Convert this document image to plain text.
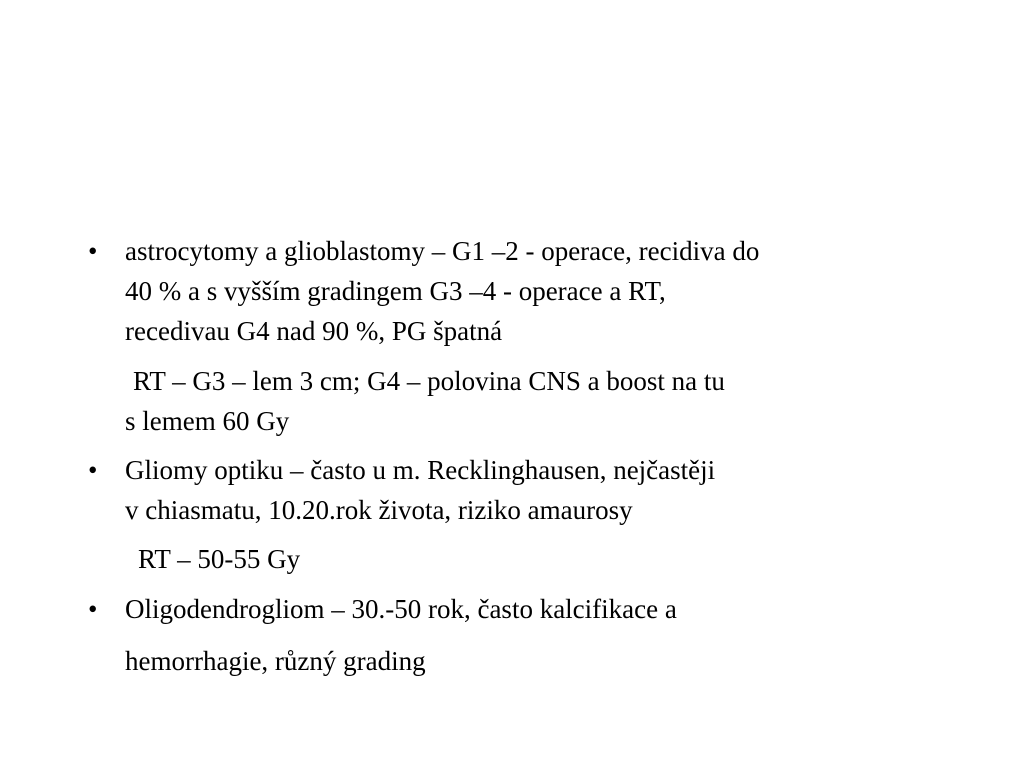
• astrocytomy a glioblastomy – G1 –2 - operace, recidiva do
40 % a s vyšším gradingem G3 –4 - operace a RT,
recedivau G4 nad 90 %, PG špatná
RT – G3 – lem 3 cm; G4 – polovina CNS a boost na tu
s lemem 60 Gy
• Gliomy optiku – často u m. Recklinghausen, nejčastěji
v chiasmatu, 10.20.rok života, riziko amaurosy
RT – 50-55 Gy
• Oligodendrogliom – 30.-50 rok, často kalcifikace a
hemorrhagie, různý grading
